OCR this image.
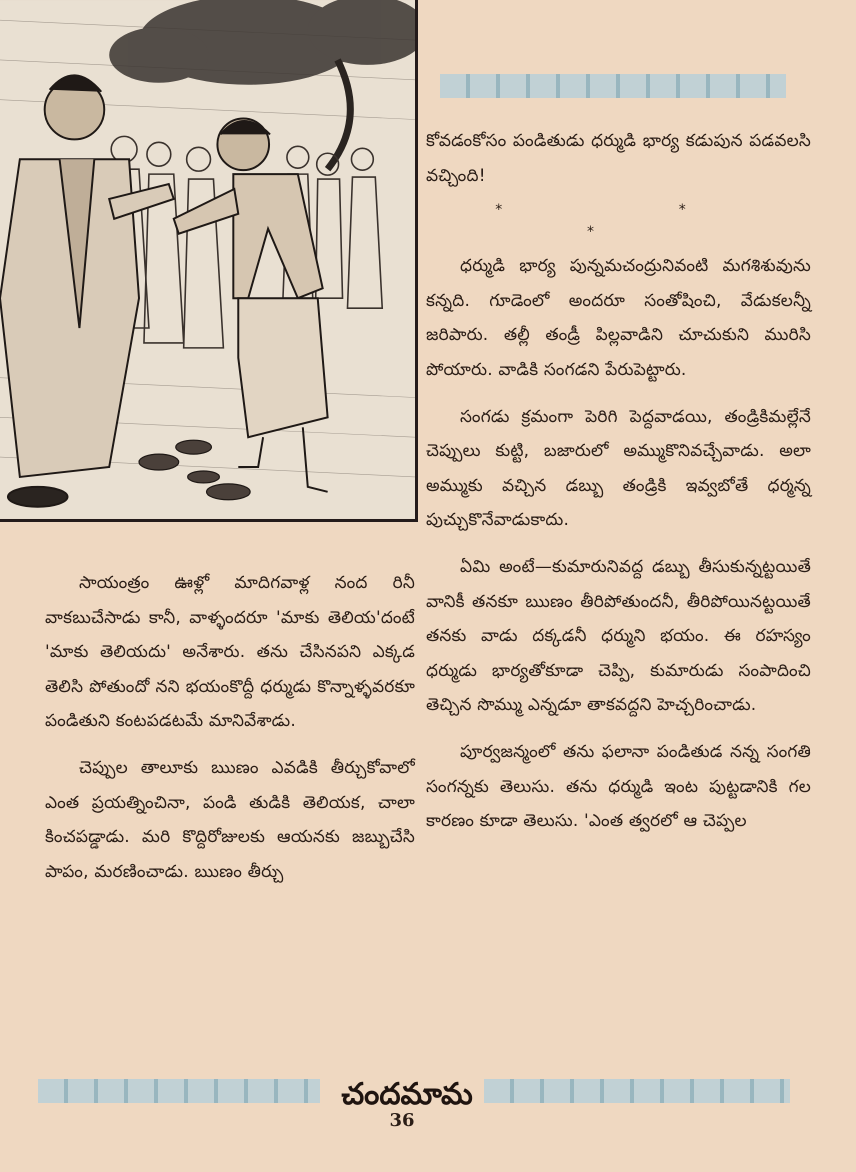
కోవడంకోసం పండితుడు ధర్ముడి భార్య కడుపున పడవలసి వచ్చింది!

* * *

ధర్ముడి భార్య పున్నమచంద్రునివంటి మగశిశువును కన్నది. గూడెంలో అందరూ సంతోషించి, వేడుకలన్నీ జరిపారు. తల్లీ తండ్రీ పిల్లవాడిని చూచుకుని మురిసి పోయారు. వాడికి సంగడని పేరుపెట్టారు.

సంగడు క్రమంగా పెరిగి పెద్దవాడయి, తండ్రికిమల్లేనే చెప్పులు కుట్టి, బజారులో అమ్ముకొనివచ్చేవాడు. అలా అమ్ముకు వచ్చిన డబ్బు తండ్రికి ఇవ్వబోతే ధర్మన్న పుచ్చుకొనేవాడుకాదు.

ఏమి అంటే—కుమారునివద్ద డబ్బు తీసుకున్నట్టయితే వానికీ తనకూ ఋణం తీరిపోతుందనీ, తీరిపోయినట్టయితే తనకు వాడు దక్కడనీ ధర్ముని భయం. ఈ రహస్యం ధర్ముడు భార్యతోకూడా చెప్పి, కుమారుడు సంపాదించి తెచ్చిన సొమ్ము ఎన్నడూ తాకవద్దని హెచ్చరించాడు.

పూర్వజన్మంలో తను ఫలానా పండితుడ నన్న సంగతి సంగన్నకు తెలుసు. తను ధర్ముడి ఇంట పుట్టడానికి గల కారణం కూడా తెలుసు. 'ఎంత త్వరలో ఆ చెప్పల

సాయంత్రం ఊళ్లో మాదిగవాళ్ల నంద రినీ వాకబుచేసాడు కానీ, వాళ్ళందరూ 'మాకు తెలియ'దంటే 'మాకు తెలియదు' అనేశారు. తను చేసినపని ఎక్కడ తెలిసి పోతుందో నని భయంకొద్దీ ధర్ముడు కొన్నాళ్ళవరకూ పండితుని కంటపడటమే మానివేశాడు.

చెప్పుల తాలూకు ఋణం ఎవడికి తీర్చుకోవాలో ఎంత ప్రయత్నించినా, పండి తుడికి తెలియక, చాలా కించపడ్డాడు. మరి కొద్దిరోజులకు ఆయనకు జబ్బుచేసి పాపం, మరణించాడు. ఋణం తీర్చు

చందమామ
36
